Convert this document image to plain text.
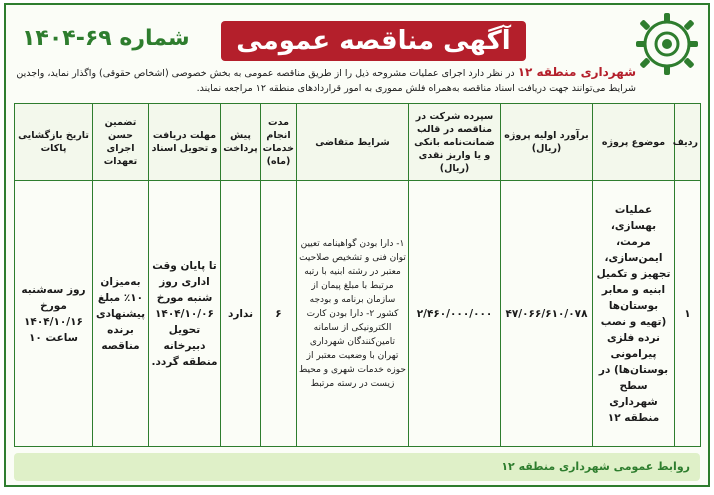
آگهی مناقصه عمومی
شماره ۶۹-۱۴۰۴
شهرداری منطقه ۱۲ در نظر دارد اجرای عملیات مشروحه ذیل را از طریق مناقصه عمومی به بخش خصوصی (اشخاص حقوقی) واگذار نماید، واجدین شرایط می‌توانند جهت دریافت اسناد مناقصه به‌همراه فلش مموری به امور قراردادهای منطقه ۱۲ مراجعه نمایند.
ردیف	موضوع پروژه	برآورد اولیه پروژه (ریال)	سپرده شرکت در مناقصه در قالب ضمانت‌نامه بانکی و یا واریز نقدی (ریال)	شرایط متقاضی	مدت انجام خدمات (ماه)	پیش پرداخت	مهلت دریافت و تحویل اسناد	تضمین حسن اجرای تعهدات	تاریخ بازگشایی پاکات
۱	عملیات بهسازی، مرمت، ایمن‌سازی، تجهیز و تکمیل ابنیه و معابر بوستان‌ها (تهیه و نصب نرده فلزی پیرامونی بوستان‌ها) در سطح شهرداری منطقه ۱۲	۴۷/۰۶۶/۶۱۰/۰۷۸	۲/۴۶۰/۰۰۰/۰۰۰	۱- دارا بودن گواهینامه تعیین توان فنی و تشخیص صلاحیت معتبر در رشته ابنیه با رتبه مرتبط با مبلغ پیمان از سازمان برنامه و بودجه کشور ۲- دارا بودن کارت الکترونیکی از سامانه تامین‌کنندگان شهرداری تهران با وضعیت معتبر از حوزه خدمات شهری و محیط زیست در رسته مرتبط	۶	ندارد	تا پایان وقت اداری روز شنبه مورخ ۱۴۰۴/۱۰/۰۶ تحویل دبیرخانه منطقه گردد.	به‌میزان ۱۰٪ مبلغ پیشنهادی برنده مناقصه	روز سه‌شنبه مورخ ۱۴۰۴/۱۰/۱۶ ساعت ۱۰
روابط عمومی شهرداری منطقه ۱۲
